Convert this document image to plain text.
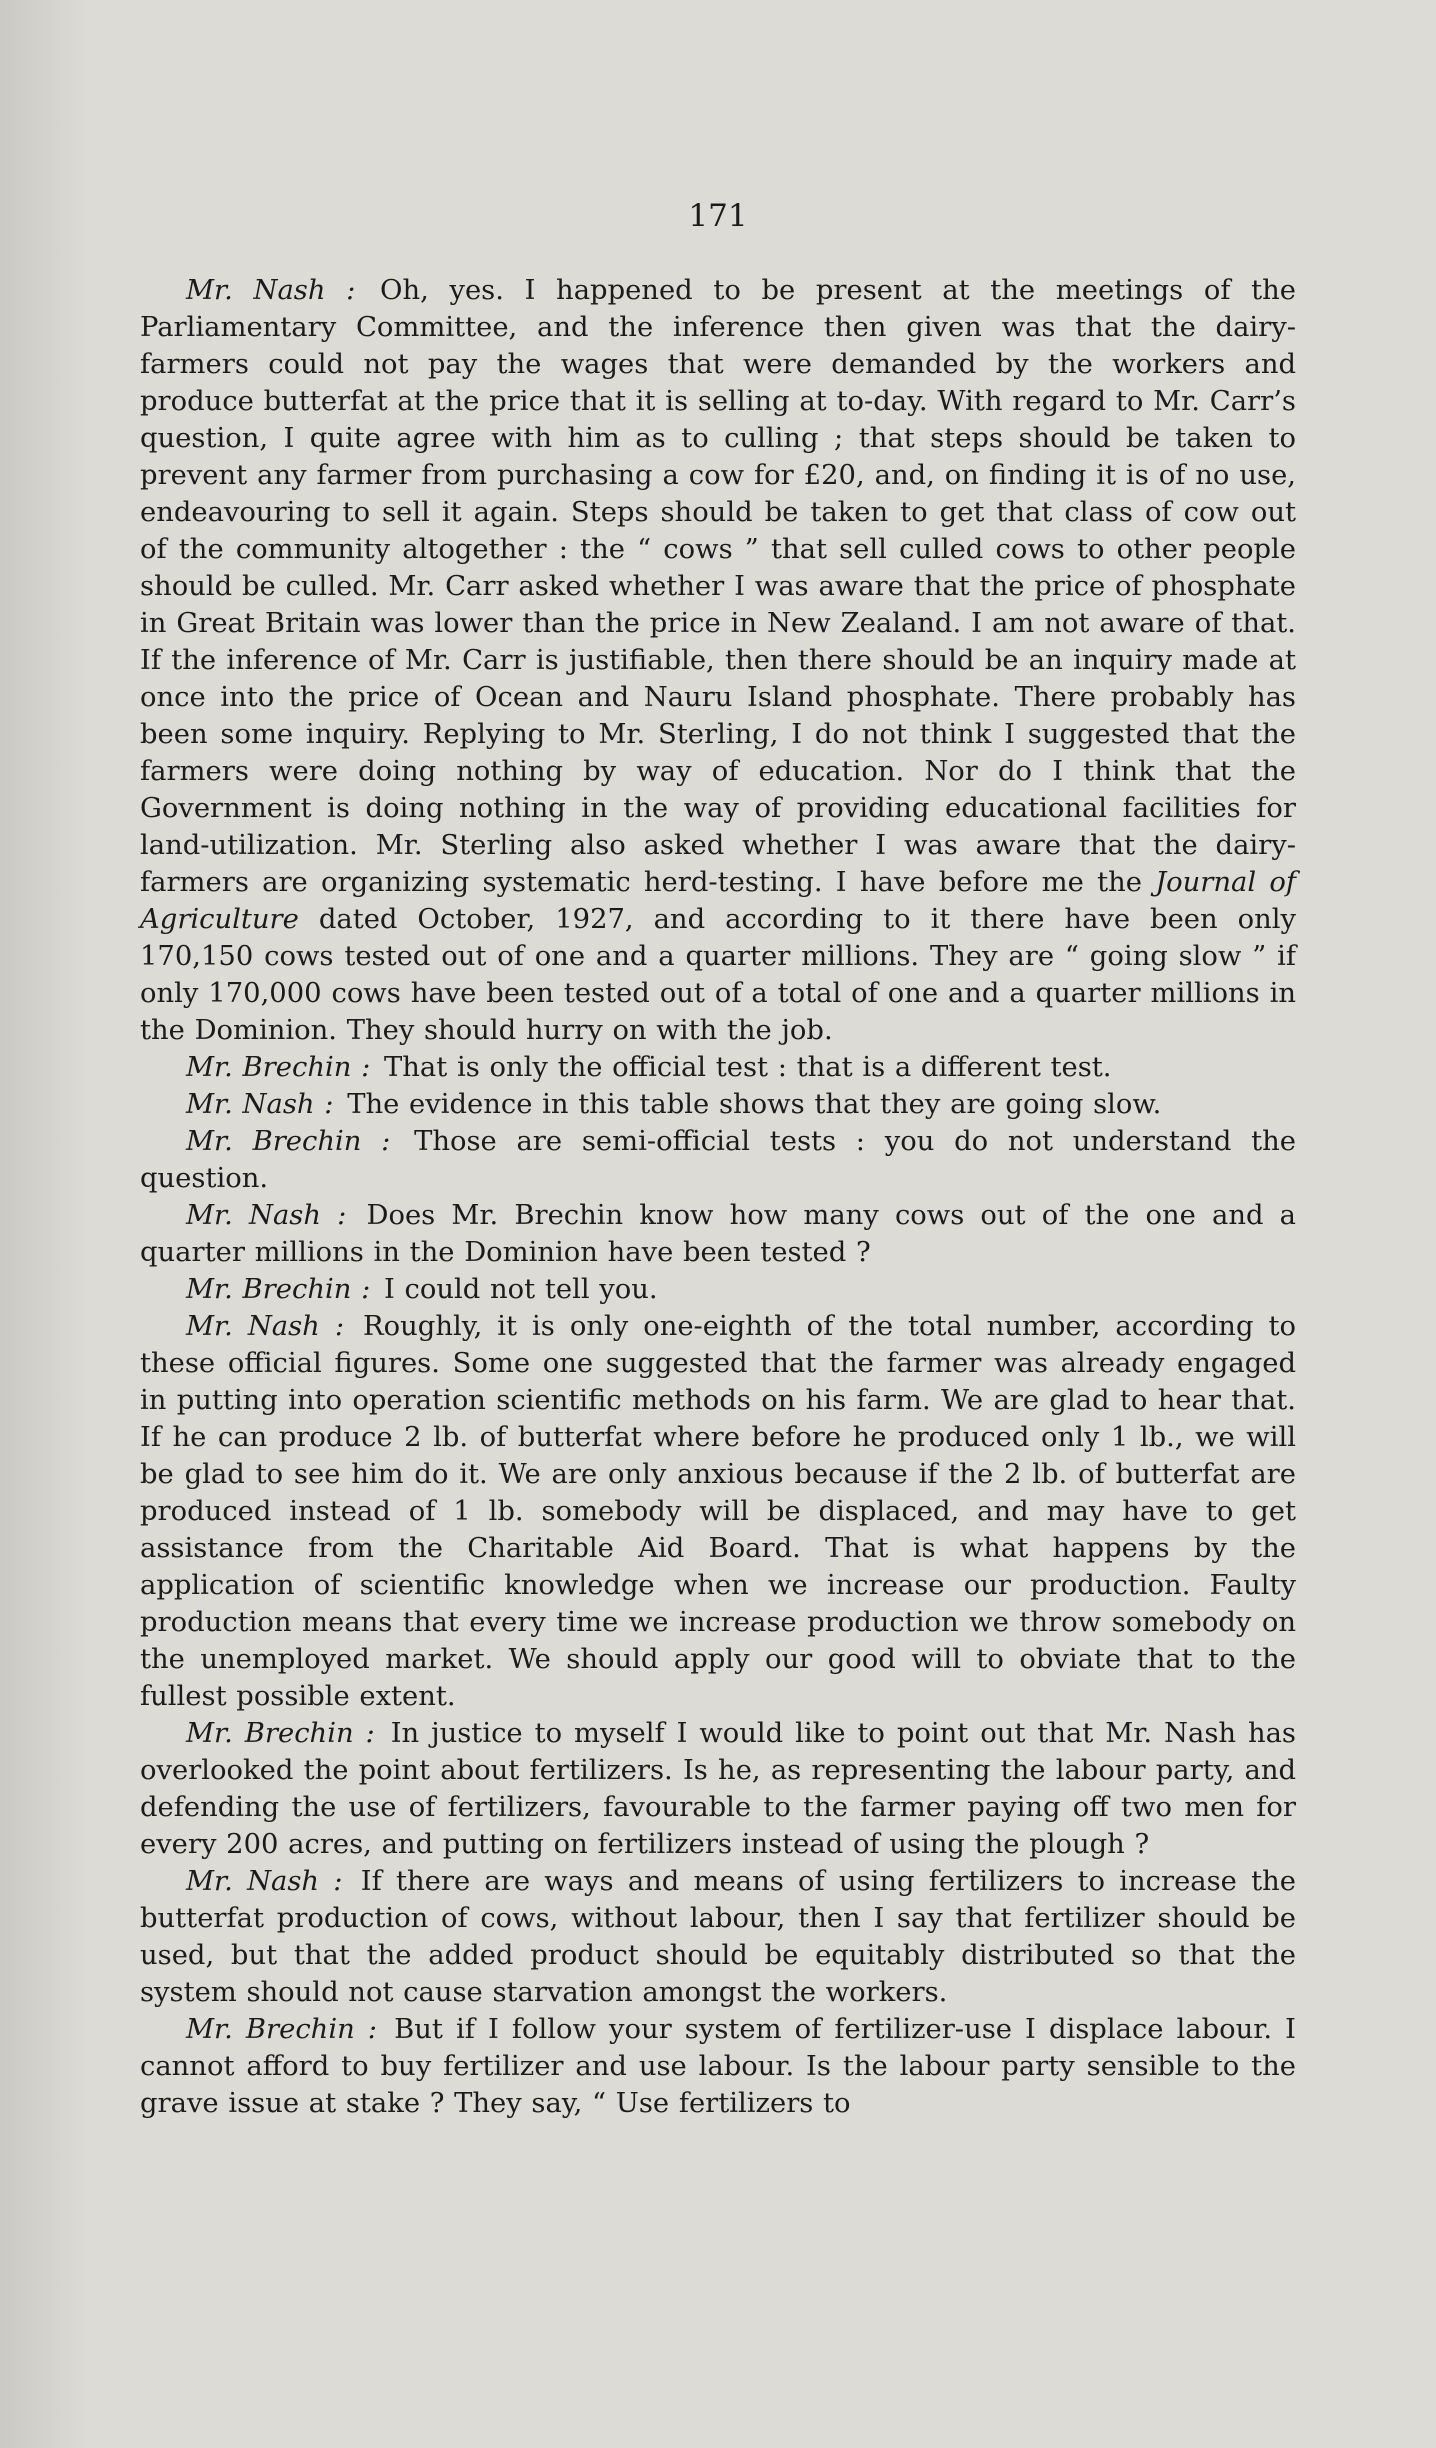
171

Mr. Nash : Oh, yes. I happened to be present at the meetings of the Parliamentary Committee, and the inference then given was that the dairy-farmers could not pay the wages that were demanded by the workers and produce butterfat at the price that it is selling at to-day. With regard to Mr. Carr’s question, I quite agree with him as to culling ; that steps should be taken to prevent any farmer from purchasing a cow for £20, and, on finding it is of no use, endeavouring to sell it again. Steps should be taken to get that class of cow out of the community altogether : the “ cows ” that sell culled cows to other people should be culled. Mr. Carr asked whether I was aware that the price of phosphate in Great Britain was lower than the price in New Zealand. I am not aware of that. If the inference of Mr. Carr is justifiable, then there should be an inquiry made at once into the price of Ocean and Nauru Island phosphate. There probably has been some inquiry. Replying to Mr. Sterling, I do not think I suggested that the farmers were doing nothing by way of education. Nor do I think that the Government is doing nothing in the way of providing educational facilities for land-utilization. Mr. Sterling also asked whether I was aware that the dairy-farmers are organizing systematic herd-testing. I have before me the Journal of Agriculture dated October, 1927, and according to it there have been only 170,150 cows tested out of one and a quarter millions. They are “ going slow ” if only 170,000 cows have been tested out of a total of one and a quarter millions in the Dominion. They should hurry on with the job.

Mr. Brechin : That is only the official test : that is a different test.

Mr. Nash : The evidence in this table shows that they are going slow.

Mr. Brechin : Those are semi-official tests : you do not understand the question.

Mr. Nash : Does Mr. Brechin know how many cows out of the one and a quarter millions in the Dominion have been tested ?

Mr. Brechin : I could not tell you.

Mr. Nash : Roughly, it is only one-eighth of the total number, according to these official figures. Some one suggested that the farmer was already engaged in putting into operation scientific methods on his farm. We are glad to hear that. If he can produce 2 lb. of butterfat where before he produced only 1 lb., we will be glad to see him do it. We are only anxious because if the 2 lb. of butterfat are produced instead of 1 lb. somebody will be displaced, and may have to get assistance from the Charitable Aid Board. That is what happens by the application of scientific knowledge when we increase our production. Faulty production means that every time we increase production we throw somebody on the unemployed market. We should apply our good will to obviate that to the fullest possible extent.

Mr. Brechin : In justice to myself I would like to point out that Mr. Nash has overlooked the point about fertilizers. Is he, as representing the labour party, and defending the use of fertilizers, favourable to the farmer paying off two men for every 200 acres, and putting on fertilizers instead of using the plough ?

Mr. Nash : If there are ways and means of using fertilizers to increase the butterfat production of cows, without labour, then I say that fertilizer should be used, but that the added product should be equitably distributed so that the system should not cause starvation amongst the workers.

Mr. Brechin : But if I follow your system of fertilizer-use I displace labour. I cannot afford to buy fertilizer and use labour. Is the labour party sensible to the grave issue at stake ? They say, “ Use fertilizers to
